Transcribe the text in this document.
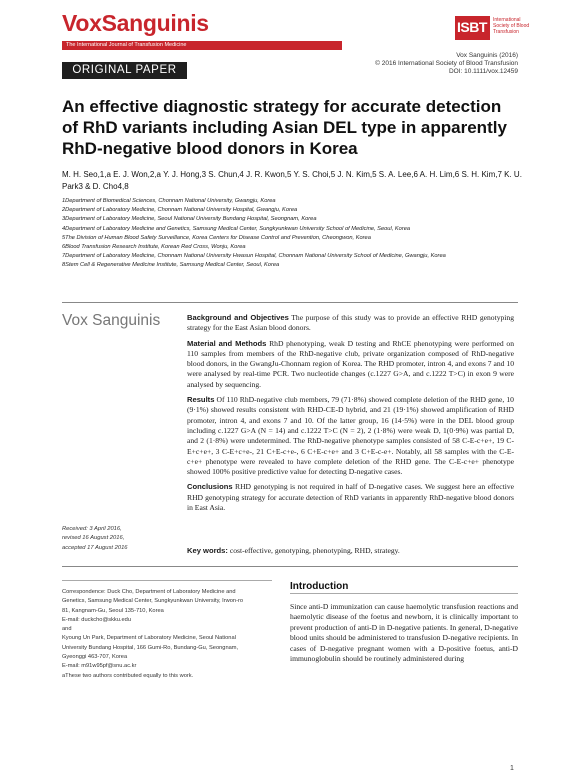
VoxSanguinis
The International Journal of Transfusion Medicine
ISBT International Society of Blood Transfusion
Vox Sanguinis (2016)
© 2016 International Society of Blood Transfusion
DOI: 10.1111/vox.12459
ORIGINAL PAPER
An effective diagnostic strategy for accurate detection of RhD variants including Asian DEL type in apparently RhD-negative blood donors in Korea
M. H. Seo,1,a E. J. Won,2,a Y. J. Hong,3 S. Chun,4 J. R. Kwon,5 Y. S. Choi,5 J. N. Kim,5 S. A. Lee,6 A. H. Lim,6 S. H. Kim,7 K. U. Park3 & D. Cho4,8
1Department of Biomedical Sciences, Chonnam National University, Gwangju, Korea
2Department of Laboratory Medicine, Chonnam National University Hospital, Gwangju, Korea
3Department of Laboratory Medicine, Seoul National University Bundang Hospital, Seongnam, Korea
4Department of Laboratory Medicine and Genetics, Samsung Medical Center, Sungkyunkwan University School of Medicine, Seoul, Korea
5The Division of Human Blood Safety Surveillance, Korea Centers for Disease Control and Prevention, Cheongwon, Korea
6Blood Transfusion Research Institute, Korean Red Cross, Wonju, Korea
7Department of Laboratory Medicine, Chonnam National University Hwasun Hospital, Chonnam National University School of Medicine, Gwangju, Korea
8Stem Cell & Regenerative Medicine Institute, Samsung Medical Center, Seoul, Korea
Vox Sanguinis	Background and Objectives The purpose of this study was to provide an effective RHD genotyping strategy for the East Asian blood donors.

Material and Methods RhD phenotyping, weak D testing and RhCE phenotyping were performed on 110 samples from members of the RhD-negative club, private organization composed of RhD-negative blood donors, in the GwangJu-Chonnam region of Korea. The RHD promoter, intron 4, and exons 7 and 10 were analysed by real-time PCR. Two nucleotide changes (c.1227 G>A, and c.1222 T>C) in exon 9 were analysed by sequencing.

Results Of 110 RhD-negative club members, 79 (71·8%) showed complete deletion of the RHD gene, 10 (9·1%) showed results consistent with RHD-CE-D hybrid, and 21 (19·1%) showed amplification of RHD promoter, intron 4, and exons 7 and 10. Of the latter group, 16 (14·5%) were in the DEL blood group including c.1227 G>A (N = 14) and c.1222 T>C (N = 2), 2 (1·8%) were weak D, 1(0·9%) was partial D, and 2 (1·8%) were undetermined. The RhD-negative phenotype samples consisted of 58 C-E-c+e+, 19 C-E+c+e+, 3 C-E+c+e-, 21 C+E-c+e-, 6 C+E-c+e+ and 3 C+E-c-e+. Notably, all 58 samples with the C-E-c+e+ phenotype were revealed to have complete deletion of the RHD gene. The C-E-c+e+ phenotype showed 100% positive predictive value for detecting D-negative cases.

Conclusions RHD genotyping is not required in half of D-negative cases. We suggest here an effective RHD genotyping strategy for accurate detection of RhD variants in apparently RhD-negative blood donors in East Asia.

Received: 3 April 2016,
revised 16 August 2016,
accepted 17 August 2016	Key words: cost-effective, genotyping, phenotyping, RHD, strategy.
Correspondence: Duck Cho, Department of Laboratory Medicine and
Genetics, Samsung Medical Center, Sungkyunkwan University, Irwon-ro
81, Kangnam-Gu, Seoul 135-710, Korea
E-mail: duckcho@skku.edu
and
Kyoung Un Park, Department of Laboratory Medicine, Seoul National
University Bundang Hospital, 166 Gumi-Ro, Bundang-Gu, Seongnam,
Gyeonggi 463-707, Korea
E-mail: m91w95pf@snu.ac.kr
aThese two authors contributed equally to this work.
Introduction

Since anti-D immunization can cause haemolytic transfusion reactions and haemolytic disease of the foetus and newborn, it is clinically important to prevent production of anti-D in D-negative patients. In general, D-negative blood units should be administered to transfusion D-negative recipients. In cases of D-negative pregnant women with a D-positive foetus, anti-D immunoglobulin should be routinely administered during

1
